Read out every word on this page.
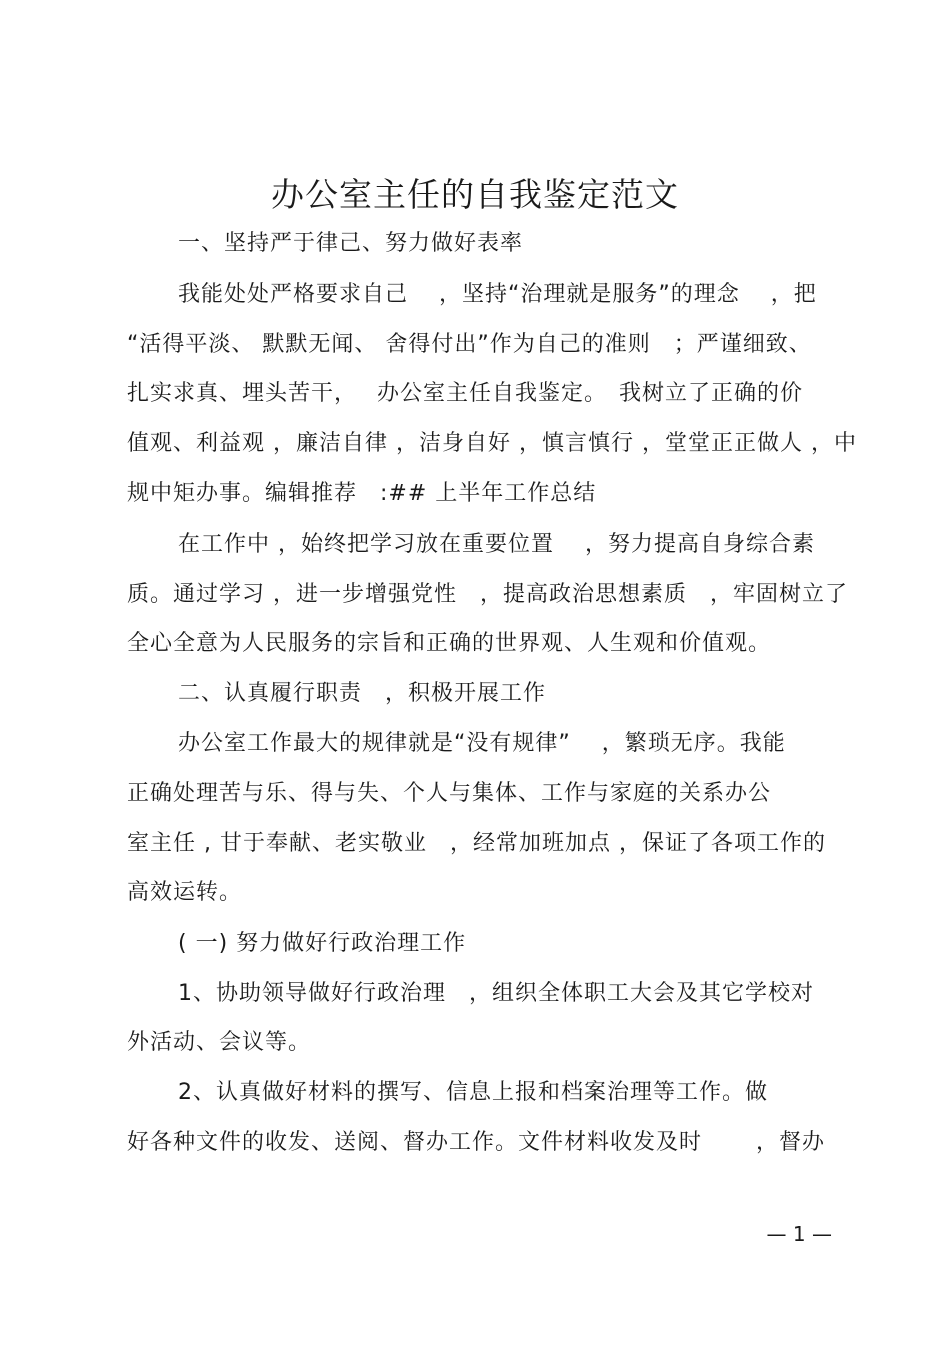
办公室主任的自我鉴定范文
一、坚持严于律己、努力做好表率
我能处处严格要求自己　 ，坚持“治理就是服务”的理念　 ，把
“活得平淡、 默默无闻、 舍得付出”作为自己的准则　；严谨细致、
扎实求真、埋头苦干，　 办公室主任自我鉴定。　我树立了正确的价
值观、利益观 ，廉洁自律 ，洁身自好 ，慎言慎行 ，堂堂正正做人 ，中
规中矩办事。编辑推荐　:## 上半年工作总结
在工作中 ，始终把学习放在重要位置　 ，努力提高自身综合素
质。通过学习 ，进一步增强党性　，提高政治思想素质　，牢固树立了
全心全意为人民服务的宗旨和正确的世界观、人生观和价值观。
二、认真履行职责　，积极开展工作
办公室工作最大的规律就是“没有规律”　 ，繁琐无序。我能
正确处理苦与乐、得与失、个人与集体、工作与家庭的关系办公
室主任 , 甘于奉献、老实敬业　，经常加班加点 ，保证了各项工作的
高效运转。
( 一) 努力做好行政治理工作
1、协助领导做好行政治理　，组织全体职工大会及其它学校对
外活动、会议等。
2、认真做好材料的撰写、信息上报和档案治理等工作。做
好各种文件的收发、送阅、督办工作。文件材料收发及时　　 ，督办
— 1 —
